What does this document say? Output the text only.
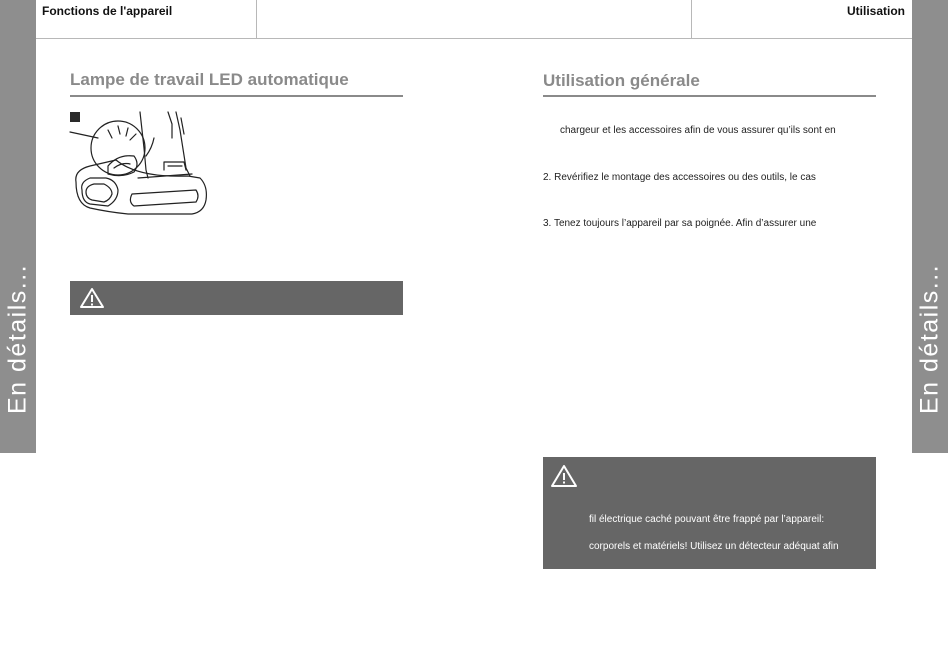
En détails...	En détails...
Fonctions de l'appareil	Utilisation
Lampe de travail LED automatique	Utilisation générale
chargeur et les accessoires afin de vous assurer qu’ils sont en
2. Revérifiez le montage des accessoires ou des outils, le cas
3. Tenez toujours l’appareil par sa poignée. Afin d’assurer une
fil électrique caché pouvant être frappé par l’appareil:
corporels et matériels! Utilisez un détecteur adéquat afin
